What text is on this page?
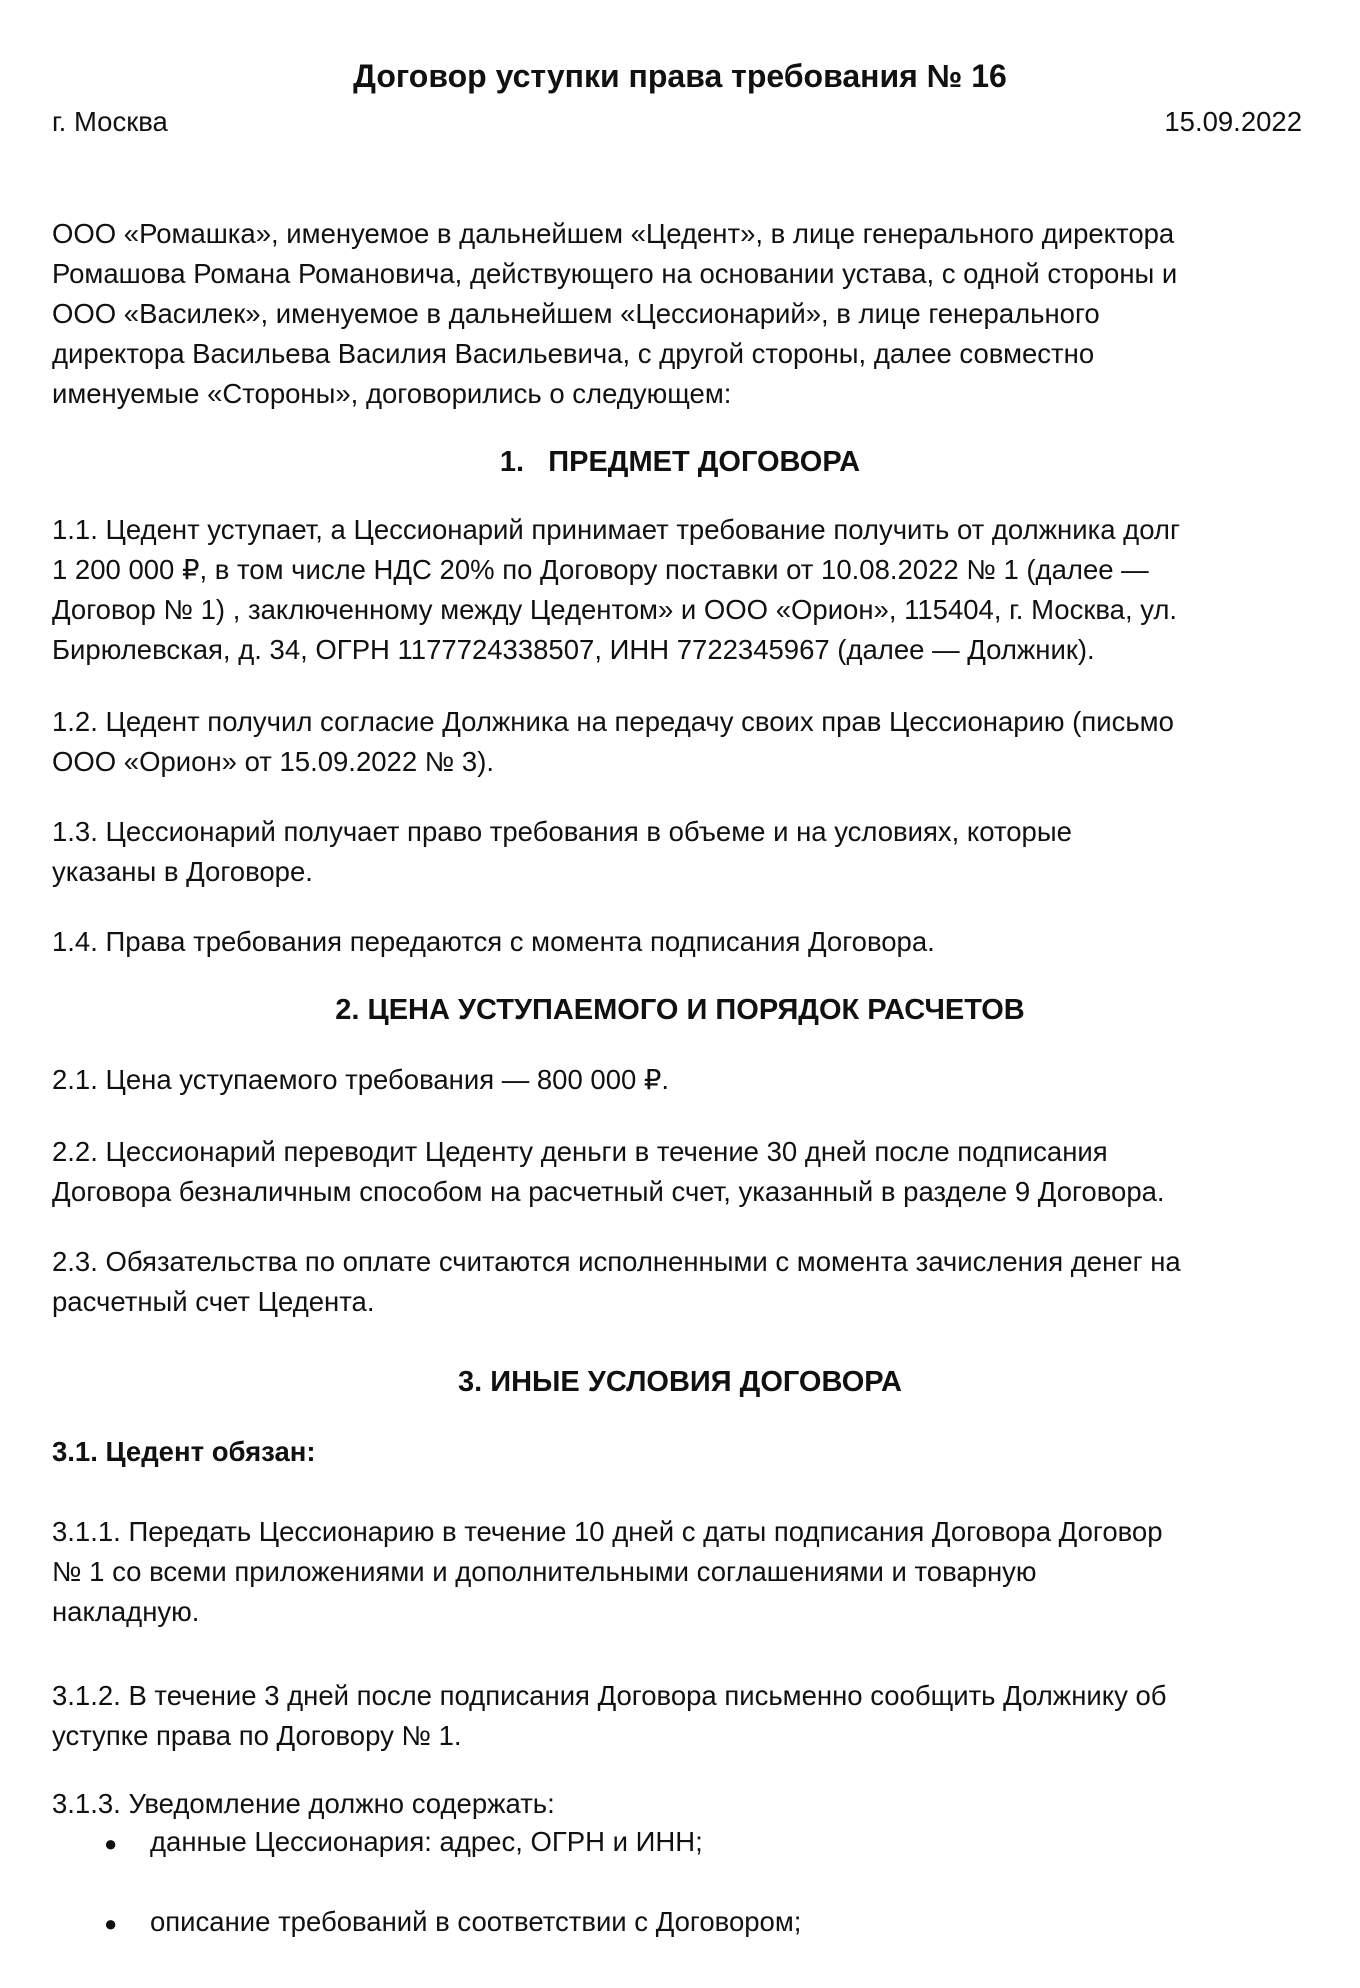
Договор уступки права требования № 16
г. Москва	15.09.2022
ООО «Ромашка», именуемое в дальнейшем «Цедент», в лице генерального директора
Ромашова Романа Романовича, действующего на основании устава, с одной стороны и
ООО «Василек», именуемое в дальнейшем «Цессионарий», в лице генерального
директора Васильева Василия Васильевича, с другой стороны, далее совместно
именуемые «Стороны», договорились о следующем:
1.   ПРЕДМЕТ ДОГОВОРА
1.1. Цедент уступает, а Цессионарий принимает требование получить от должника долг
1 200 000 ₽, в том числе НДС 20% по Договору поставки от 10.08.2022 № 1 (далее —
Договор № 1) , заключенному между Цедентом» и ООО «Орион», 115404, г. Москва, ул.
Бирюлевская, д. 34, ОГРН 1177724338507, ИНН 7722345967 (далее — Должник).
1.2. Цедент получил согласие Должника на передачу своих прав Цессионарию (письмо
ООО «Орион» от 15.09.2022 № 3).
1.3. Цессионарий получает право требования в объеме и на условиях, которые
указаны в Договоре.
1.4. Права требования передаются с момента подписания Договора.
2. ЦЕНА УСТУПАЕМОГО И ПОРЯДОК РАСЧЕТОВ
2.1. Цена уступаемого требования — 800 000 ₽.
2.2. Цессионарий переводит Цеденту деньги в течение 30 дней после подписания
Договора безналичным способом на расчетный счет, указанный в разделе 9 Договора.
2.3. Обязательства по оплате считаются исполненными с момента зачисления денег на
расчетный счет Цедента.
3. ИНЫЕ УСЛОВИЯ ДОГОВОРА
3.1. Цедент обязан:
3.1.1. Передать Цессионарию в течение 10 дней с даты подписания Договора Договор
№ 1 со всеми приложениями и дополнительными соглашениями и товарную
накладную.
3.1.2. В течение 3 дней после подписания Договора письменно сообщить Должнику об
уступке права по Договору № 1.
3.1.3. Уведомление должно содержать:
● данные Цессионария: адрес, ОГРН и ИНН;
● описание требований в соответствии с Договором;
